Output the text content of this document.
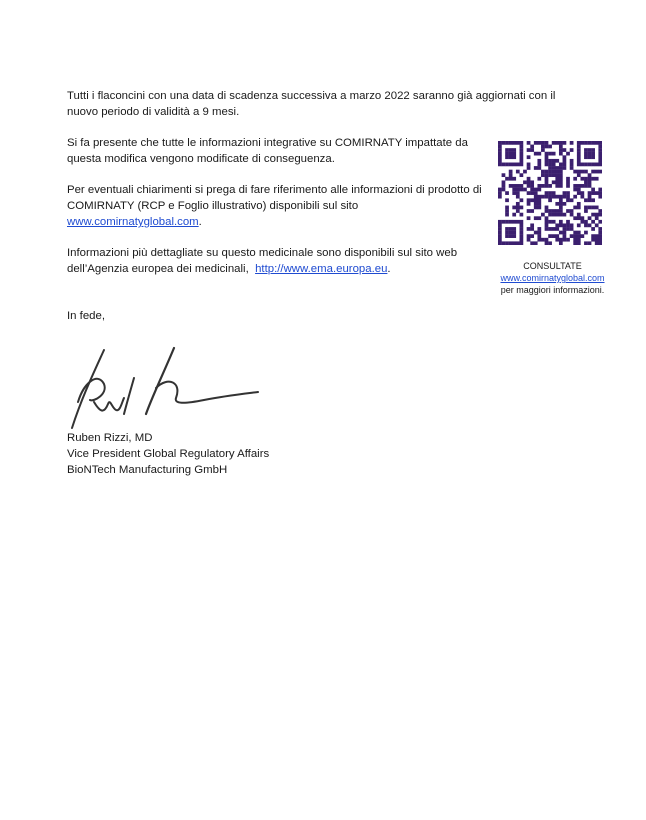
Tutti i flaconcini con una data di scadenza successiva a marzo 2022 saranno già aggiornati con il nuovo periodo di validità a 9 mesi.

Si fa presente che tutte le informazioni integrative su COMIRNATY impattate da questa modifica vengono modificate di conseguenza.

Per eventuali chiarimenti si prega di fare riferimento alle informazioni di prodotto di COMIRNATY (RCP e Foglio illustrativo) disponibili sul sito
www.comirnatyglobal.com.

Informazioni più dettagliate su questo medicinale sono disponibili sul sito web dell’Agenzia europea dei medicinali, http://www.ema.europa.eu.

In fede,
Ruben Rizzi, MD
Vice President Global Regulatory Affairs
BioNTech Manufacturing GmbH
CONSULTATE
www.comirnatyglobal.com
per maggiori informazioni.
